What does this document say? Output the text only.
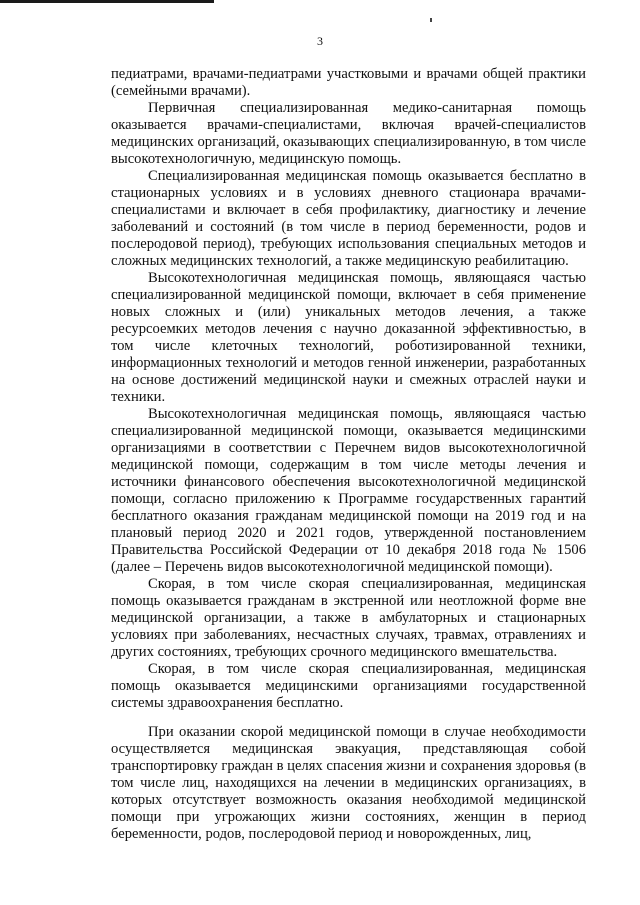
3

педиатрами, врачами-педиатрами участковыми и врачами общей практики (семейными врачами).

Первичная специализированная медико-санитарная помощь оказывается врачами-специалистами, включая врачей-специалистов медицинских организаций, оказывающих специализированную, в том числе высокотехнологичную, медицинскую помощь.

Специализированная медицинская помощь оказывается бесплатно в стационарных условиях и в условиях дневного стационара врачами-специалистами и включает в себя профилактику, диагностику и лечение заболеваний и состояний (в том числе в период беременности, родов и послеродовой период), требующих использования специальных методов и сложных медицинских технологий, а также медицинскую реабилитацию.

Высокотехнологичная медицинская помощь, являющаяся частью специализированной медицинской помощи, включает в себя применение новых сложных и (или) уникальных методов лечения, а также ресурсоемких методов лечения с научно доказанной эффективностью, в том числе клеточных технологий, роботизированной техники, информационных технологий и методов генной инженерии, разработанных на основе достижений медицинской науки и смежных отраслей науки и техники.

Высокотехнологичная медицинская помощь, являющаяся частью специализированной медицинской помощи, оказывается медицинскими организациями в соответствии с Перечнем видов высокотехнологичной медицинской помощи, содержащим в том числе методы лечения и источники финансового обеспечения высокотехнологичной медицинской помощи, согласно приложению к Программе государственных гарантий бесплатного оказания гражданам медицинской помощи на 2019 год и на плановый период 2020 и 2021 годов, утвержденной постановлением Правительства Российской Федерации от 10 декабря 2018 года № 1506 (далее – Перечень видов высокотехнологичной медицинской помощи).

Скорая, в том числе скорая специализированная, медицинская помощь оказывается гражданам в экстренной или неотложной форме вне медицинской организации, а также в амбулаторных и стационарных условиях при заболеваниях, несчастных случаях, травмах, отравлениях и других состояниях, требующих срочного медицинского вмешательства.

Скорая, в том числе скорая специализированная, медицинская помощь оказывается медицинскими организациями государственной системы здравоохранения бесплатно.

При оказании скорой медицинской помощи в случае необходимости осуществляется медицинская эвакуация, представляющая собой транспортировку граждан в целях спасения жизни и сохранения здоровья (в том числе лиц, находящихся на лечении в медицинских организациях, в которых отсутствует возможность оказания необходимой медицинской помощи при угрожающих жизни состояниях, женщин в период беременности, родов, послеродовой период и новорожденных, лиц,
